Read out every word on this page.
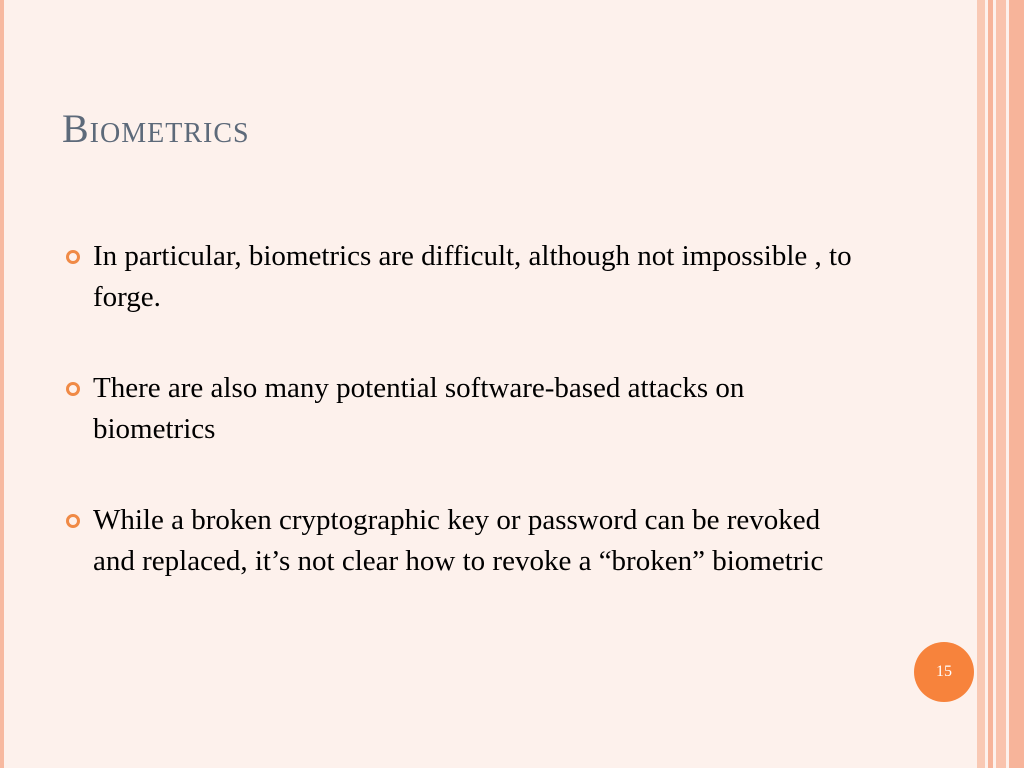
Biometrics
In particular, biometrics are difficult, although not impossible , to forge.
There are also many potential software-based attacks on biometrics
While a broken cryptographic key or password can be revoked and replaced, it’s not clear how to revoke a “broken” biometric
15
